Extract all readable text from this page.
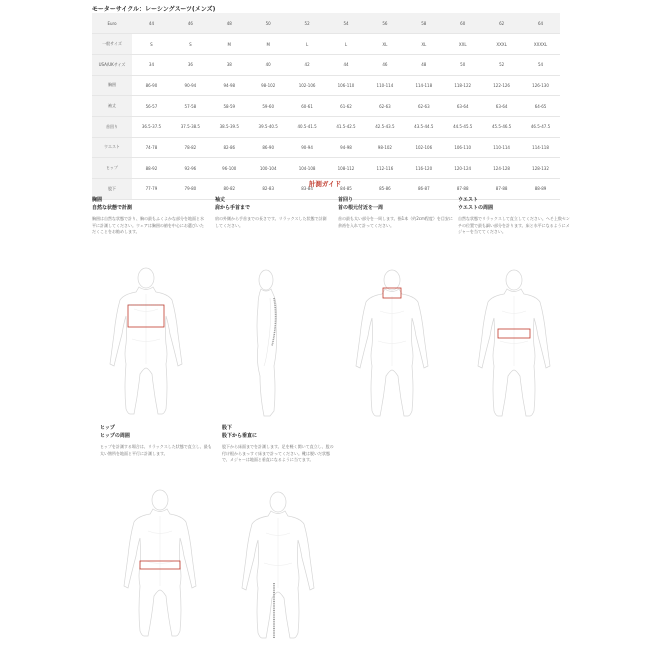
モーターサイクル：レーシングスーツ(メンズ)
Euro	44	46	48	50	52	54	56	58	60	62	64
一般サイズ	S	S	M	M	L	L	XL	XL	XXL	XXXL	XXXXL
USA/UKサイズ	34	36	38	40	42	44	46	48	50	52	54
胸囲	86-90	90-94	94-98	98-102	102-106	106-110	110-114	114-118	118-122	122-126	126-130
袖丈	56-57	57-58	58-59	59-60	60-61	61-62	62-63	62-63	63-64	63-64	64-65
首回り	36.5-37.5	37.5-38.5	38.5-39.5	39.5-40.5	40.5-41.5	41.5-42.5	42.5-43.5	43.5-44.5	44.5-45.5	45.5-46.5	46.5-47.5
ウエスト	74-78	78-82	82-86	86-90	90-94	94-98	98-102	102-106	106-110	110-114	114-118
ヒップ	88-92	92-96	96-100	100-104	104-108	108-112	112-116	116-120	120-124	124-128	128-132
股下	77-79	79-80	80-82	82-83	83-84	84-85	85-86	86-87	87-88	87-88	88-89
計測ガイド
胸囲
自然な状態で計測

胸囲は自然な状態で計り、胸の最もふくよかな部分を地面と水平に計測してください。ウェアは胸囲の値を中心にお選びいただくことをお勧めします。

袖丈
肩から手首まで

肩の外側から手首までの長さです。リラックスした状態で計測してください。

首回り
首の根元付近を一周

首の最も太い部分を一周します。指1本（約2cm程度）を目安に余裕を入れて計ってください。

ウエスト
ウエストの周囲

自然な状態でリラックスして直立してください。へそ上数センチの位置で最も細い部分を計ります。床と水平になるようにメジャーを当ててください。

ヒップ
ヒップの周囲

ヒップを計測する場合は、リラックスした状態で直立し、最も太い箇所を地面と平行に計測します。

股下
股下から垂直に

股下から床面までを計測します。足を軽く開いて直立し、股の付け根からまっすぐ床まで計ってください。靴は脱いだ状態で、メジャーは地面と垂直になるように当てます。
